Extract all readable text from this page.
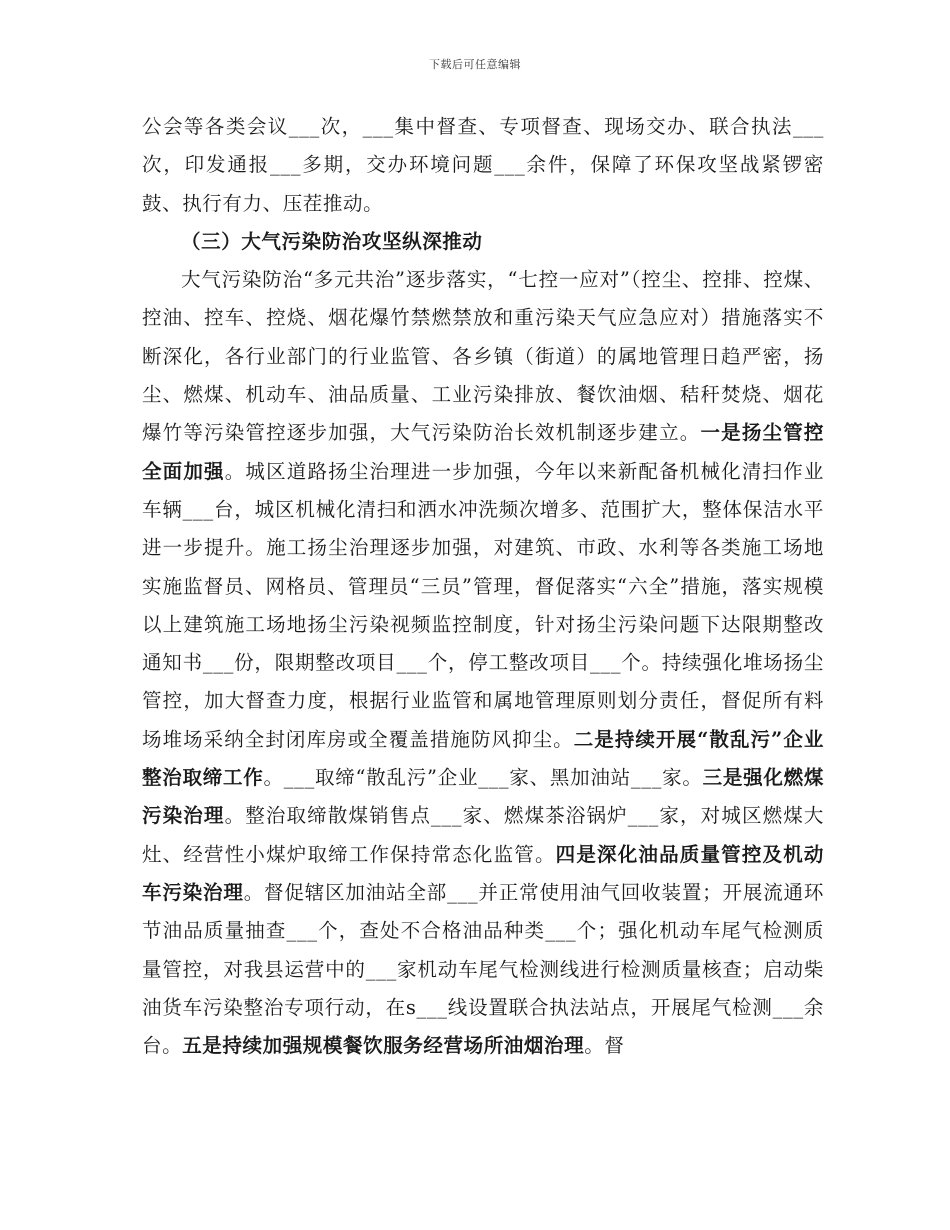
下载后可任意编辑

公会等各类会议___次，___集中督查、专项督查、现场交办、联合执法___次，印发通报___多期，交办环境问题___余件，保障了环保攻坚战紧锣密鼓、执行有力、压茬推动。

（三）大气污染防治攻坚纵深推动

大气污染防治“多元共治”逐步落实，“七控一应对”（控尘、控排、控煤、控油、控车、控烧、烟花爆竹禁燃禁放和重污染天气应急应对）措施落实不断深化，各行业部门的行业监管、各乡镇（街道）的属地管理日趋严密，扬尘、燃煤、机动车、油品质量、工业污染排放、餐饮油烟、秸秆焚烧、烟花爆竹等污染管控逐步加强，大气污染防治长效机制逐步建立。一是扬尘管控全面加强。城区道路扬尘治理进一步加强，今年以来新配备机械化清扫作业车辆___台，城区机械化清扫和洒水冲洗频次增多、范围扩大，整体保洁水平进一步提升。施工扬尘治理逐步加强，对建筑、市政、水利等各类施工场地实施监督员、网格员、管理员“三员”管理，督促落实“六全”措施，落实规模以上建筑施工场地扬尘污染视频监控制度，针对扬尘污染问题下达限期整改通知书___份，限期整改项目___个，停工整改项目___个。持续强化堆场扬尘管控，加大督查力度，根据行业监管和属地管理原则划分责任，督促所有料场堆场采纳全封闭库房或全覆盖措施防风抑尘。二是持续开展“散乱污”企业整治取缔工作。___取缔“散乱污”企业___家、黑加油站___家。三是强化燃煤污染治理。整治取缔散煤销售点___家、燃煤茶浴锅炉___家，对城区燃煤大灶、经营性小煤炉取缔工作保持常态化监管。四是深化油品质量管控及机动车污染治理。督促辖区加油站全部___并正常使用油气回收装置；开展流通环节油品质量抽查___个，查处不合格油品种类___个；强化机动车尾气检测质量管控，对我县运营中的___家机动车尾气检测线进行检测质量核查；启动柴油货车污染整治专项行动，在s___线设置联合执法站点，开展尾气检测___余台。五是持续加强规模餐饮服务经营场所油烟治理。督
